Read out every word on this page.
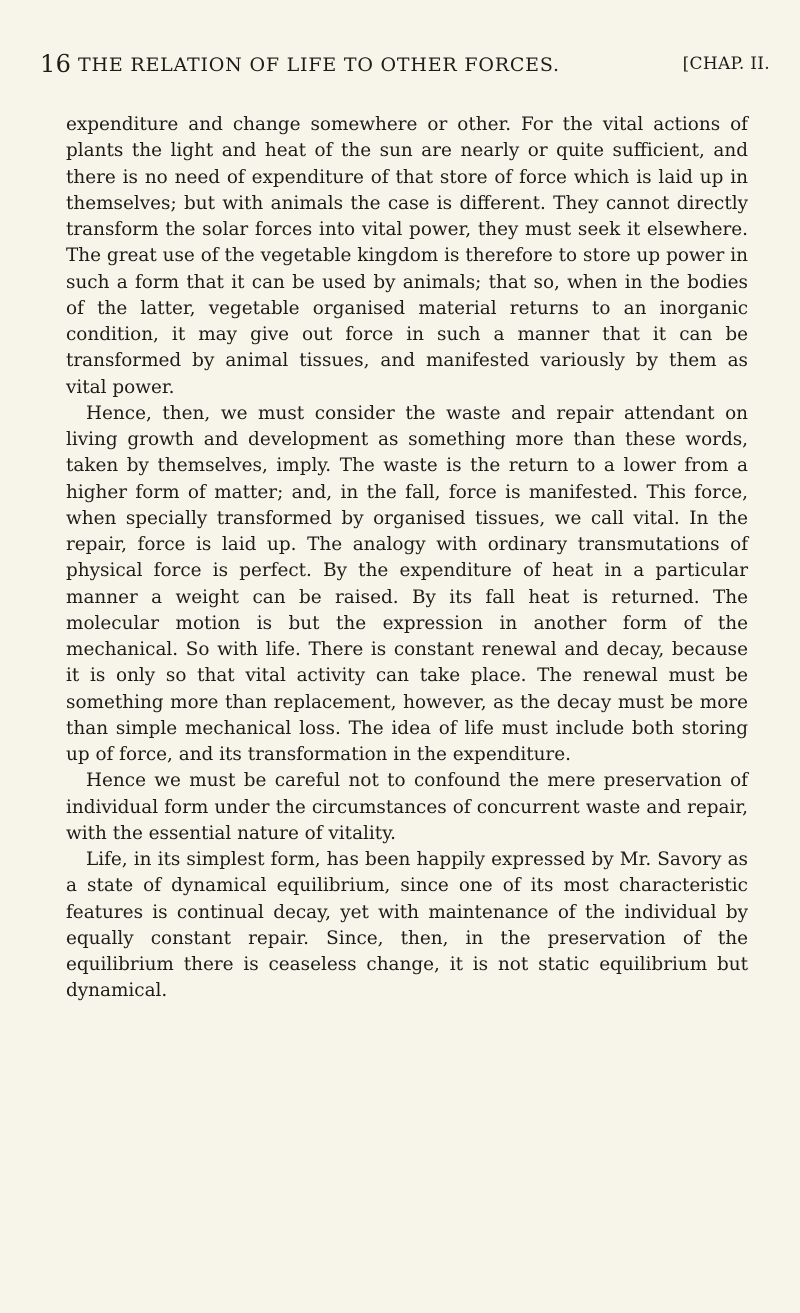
16 THE RELATION OF LIFE TO OTHER FORCES.	[CHAP. II.

expenditure and change somewhere or other. For the vital actions of plants the light and heat of the sun are nearly or quite sufficient, and there is no need of expenditure of that store of force which is laid up in themselves; but with animals the case is different. They cannot directly transform the solar forces into vital power, they must seek it elsewhere. The great use of the vegetable kingdom is therefore to store up power in such a form that it can be used by animals; that so, when in the bodies of the latter, vegetable organised material returns to an inorganic condition, it may give out force in such a manner that it can be transformed by animal tissues, and manifested variously by them as vital power.

Hence, then, we must consider the waste and repair attendant on living growth and development as something more than these words, taken by themselves, imply. The waste is the return to a lower from a higher form of matter; and, in the fall, force is manifested. This force, when specially transformed by organised tissues, we call vital. In the repair, force is laid up. The analogy with ordinary transmutations of physical force is perfect. By the expenditure of heat in a particular manner a weight can be raised. By its fall heat is returned. The molecular motion is but the expression in another form of the mechanical. So with life. There is constant renewal and decay, because it is only so that vital activity can take place. The renewal must be something more than replacement, however, as the decay must be more than simple mechanical loss. The idea of life must include both storing up of force, and its transformation in the expenditure.

Hence we must be careful not to confound the mere preservation of individual form under the circumstances of concurrent waste and repair, with the essential nature of vitality.

Life, in its simplest form, has been happily expressed by Mr. Savory as a state of dynamical equilibrium, since one of its most characteristic features is continual decay, yet with maintenance of the individual by equally constant repair. Since, then, in the preservation of the equilibrium there is ceaseless change, it is not static equilibrium but dynamical.
